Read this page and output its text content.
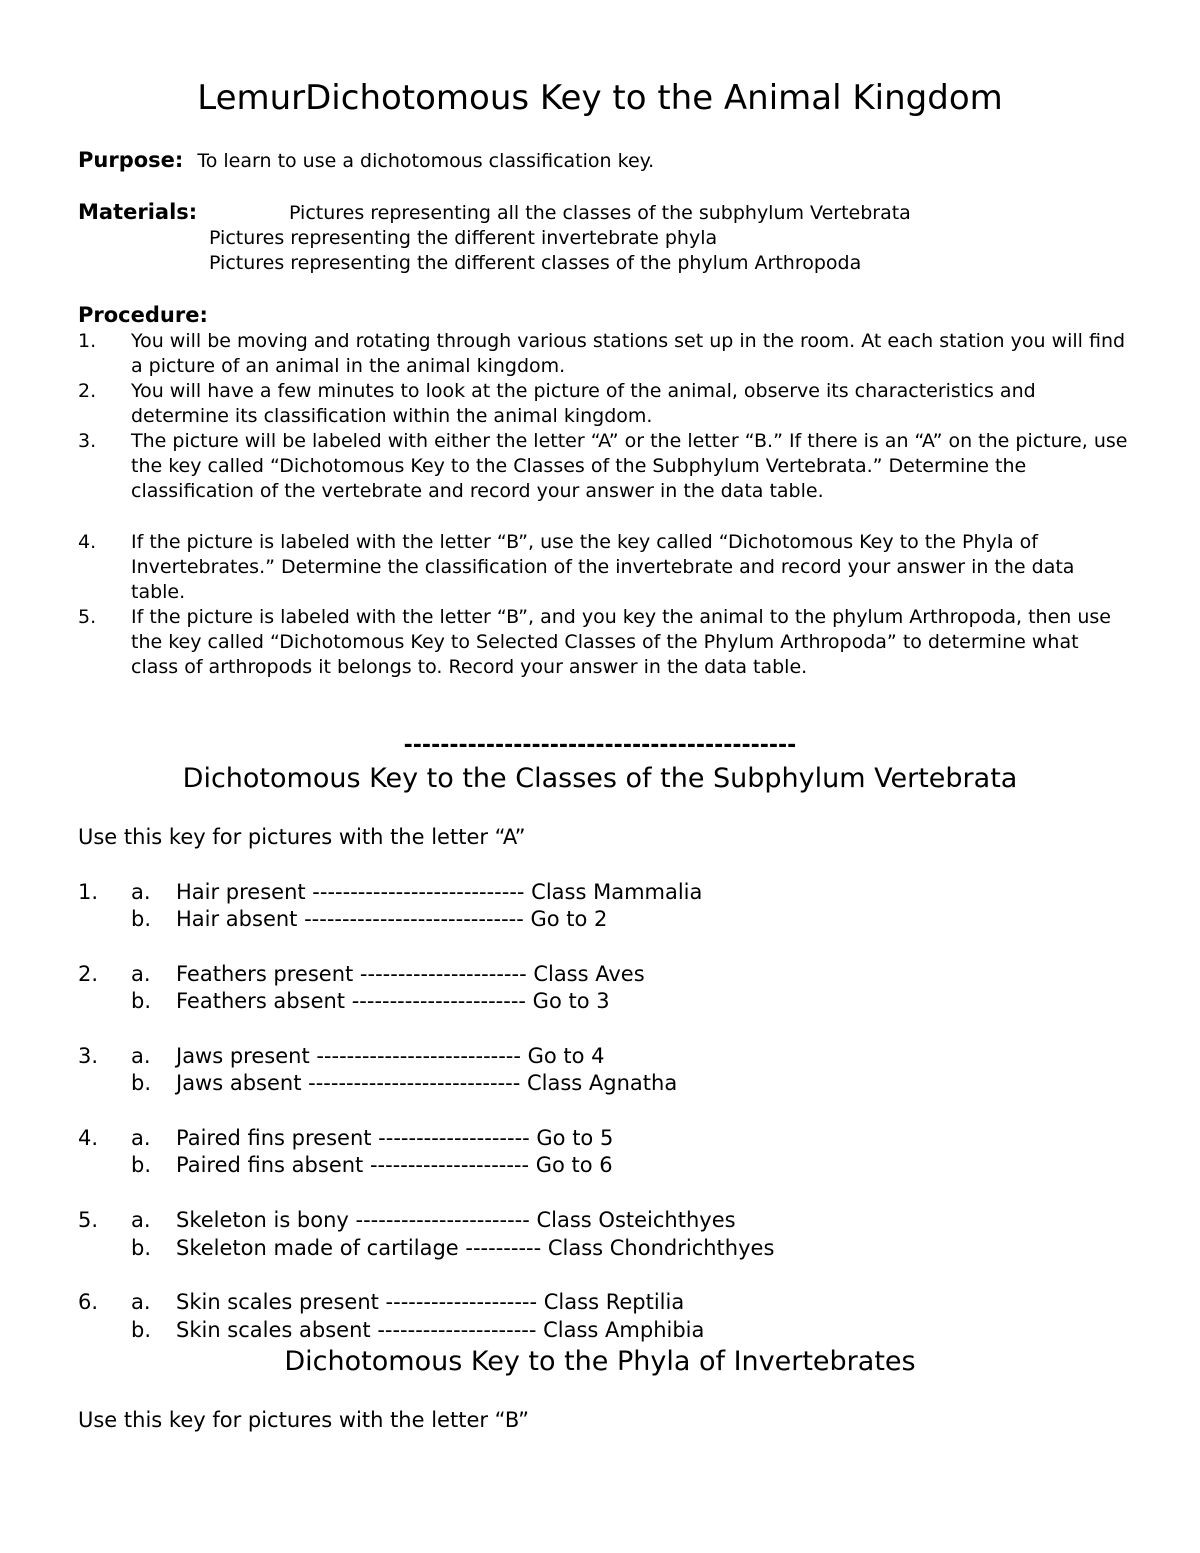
LemurDichotomous Key to the Animal Kingdom
Purpose: To learn to use a dichotomous classification key.
Materials:	Pictures representing all the classes of the subphylum Vertebrata
Pictures representing the different invertebrate phyla
Pictures representing the different classes of the phylum Arthropoda
Procedure:
1.	You will be moving and rotating through various stations set up in the room. At each station you will find a picture of an animal in the animal kingdom.
2.	You will have a few minutes to look at the picture of the animal, observe its characteristics and determine its classification within the animal kingdom.
3.	The picture will be labeled with either the letter “A” or the letter “B.” If there is an “A” on the picture, use the key called “Dichotomous Key to the Classes of the Subphylum Vertebrata.” Determine the classification of the vertebrate and record your answer in the data table.
4.	If the picture is labeled with the letter “B”, use the key called “Dichotomous Key to the Phyla of Invertebrates.” Determine the classification of the invertebrate and record your answer in the data table.
5.	If the picture is labeled with the letter “B”, and you key the animal to the phylum Arthropoda, then use the key called “Dichotomous Key to Selected Classes of the Phylum Arthropoda” to determine what class of arthropods it belongs to. Record your answer in the data table.
-------------------------------------------
Dichotomous Key to the Classes of the Subphylum Vertebrata
Use this key for pictures with the letter “A”
1. a. Hair present ---------------------------- Class Mammalia
b. Hair absent ----------------------------- Go to 2
2. a. Feathers present ---------------------- Class Aves
b. Feathers absent ----------------------- Go to 3
3. a. Jaws present --------------------------- Go to 4
b. Jaws absent ---------------------------- Class Agnatha
4. a. Paired fins present -------------------- Go to 5
b. Paired fins absent --------------------- Go to 6
5. a. Skeleton is bony ----------------------- Class Osteichthyes
b. Skeleton made of cartilage ---------- Class Chondrichthyes
6. a. Skin scales present -------------------- Class Reptilia
b. Skin scales absent --------------------- Class Amphibia
Dichotomous Key to the Phyla of Invertebrates
Use this key for pictures with the letter “B”
